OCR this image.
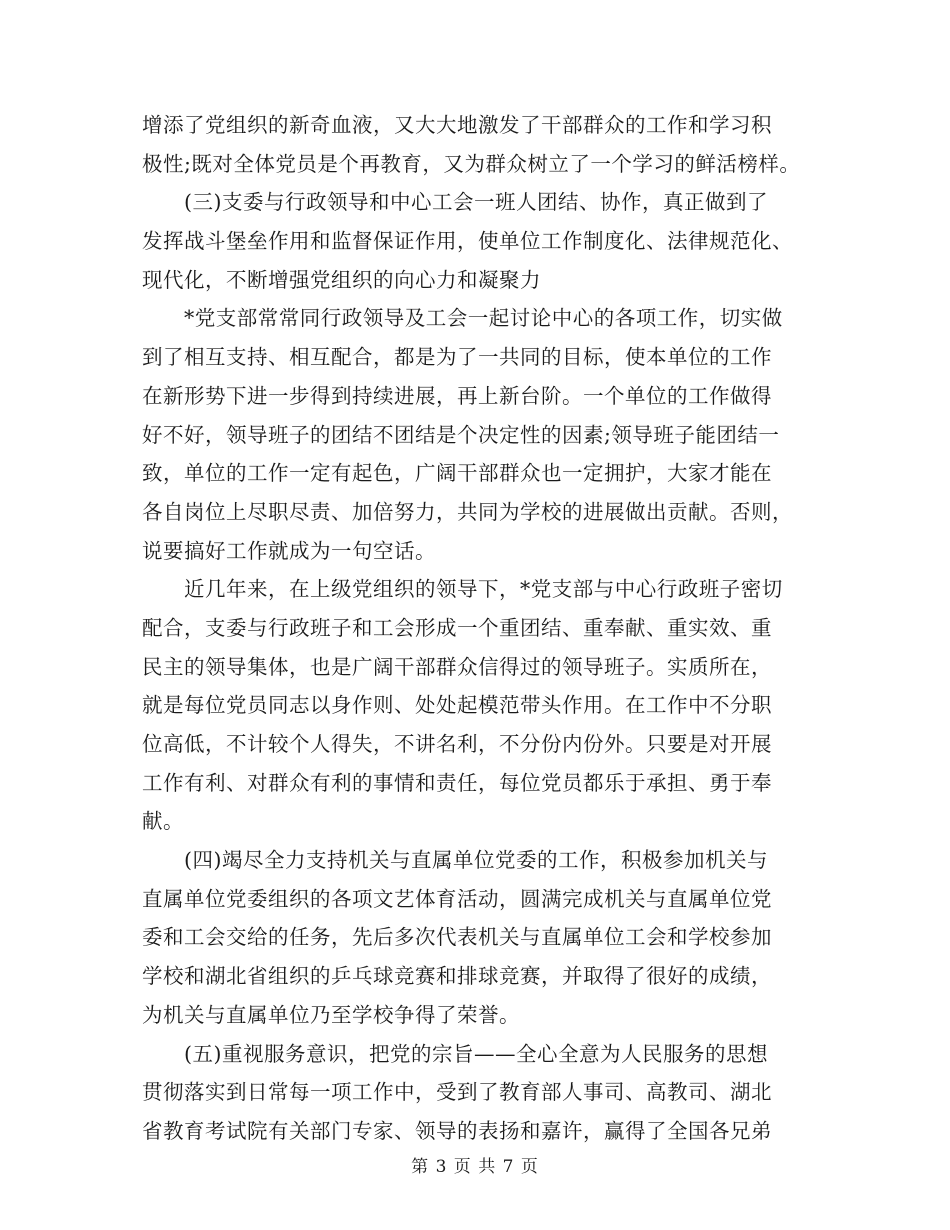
增添了党组织的新奇血液，又大大地激发了干部群众的工作和学习积
极性;既对全体党员是个再教育，又为群众树立了一个学习的鲜活榜样。
　　(三)支委与行政领导和中心工会一班人团结、协作，真正做到了
发挥战斗堡垒作用和监督保证作用，使单位工作制度化、法律规范化、
现代化，不断增强党组织的向心力和凝聚力
　　*党支部常常同行政领导及工会一起讨论中心的各项工作，切实做
到了相互支持、相互配合，都是为了一共同的目标，使本单位的工作
在新形势下进一步得到持续进展，再上新台阶。一个单位的工作做得
好不好，领导班子的团结不团结是个决定性的因素;领导班子能团结一
致，单位的工作一定有起色，广阔干部群众也一定拥护，大家才能在
各自岗位上尽职尽责、加倍努力，共同为学校的进展做出贡献。否则，
说要搞好工作就成为一句空话。
　　近几年来，在上级党组织的领导下，*党支部与中心行政班子密切
配合，支委与行政班子和工会形成一个重团结、重奉献、重实效、重
民主的领导集体，也是广阔干部群众信得过的领导班子。实质所在，
就是每位党员同志以身作则、处处起模范带头作用。在工作中不分职
位高低，不计较个人得失，不讲名利，不分份内份外。只要是对开展
工作有利、对群众有利的事情和责任，每位党员都乐于承担、勇于奉
献。
　　(四)竭尽全力支持机关与直属单位党委的工作，积极参加机关与
直属单位党委组织的各项文艺体育活动，圆满完成机关与直属单位党
委和工会交给的任务，先后多次代表机关与直属单位工会和学校参加
学校和湖北省组织的乒乓球竞赛和排球竞赛，并取得了很好的成绩，
为机关与直属单位乃至学校争得了荣誉。
　　(五)重视服务意识，把党的宗旨——全心全意为人民服务的思想
贯彻落实到日常每一项工作中，受到了教育部人事司、高教司、湖北
省教育考试院有关部门专家、领导的表扬和嘉许，赢得了全国各兄弟
第 3 页 共 7 页
